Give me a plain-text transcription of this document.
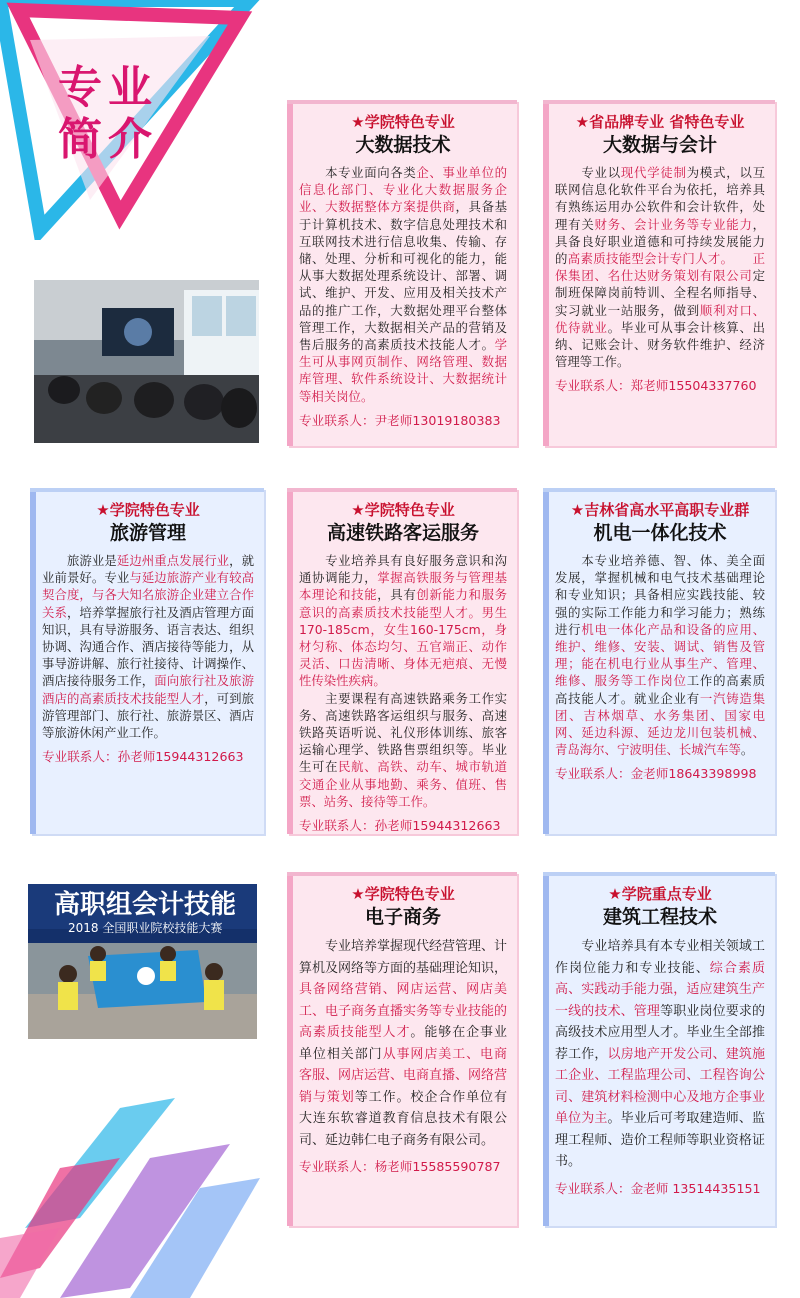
专业简介
高职组会计技能
2018 全国职业院校技能大赛
★学院特色专业
大数据技术
　　本专业面向各类企、事业单位的信息化部门、专业化大数据服务企业、大数据整体方案提供商，具备基于计算机技术、数字信息处理技术和互联网技术进行信息收集、传输、存储、处理、分析和可视化的能力，能从事大数据处理系统设计、部署、调试、维护、开发、应用及相关技术产品的推广工作，大数据处理平台整体管理工作，大数据相关产品的营销及售后服务的高素质技术技能人才。学生可从事网页制作、网络管理、数据库管理、软件系统设计、大数据统计等相关岗位。
专业联系人：尹老师13019180383
★省品牌专业 省特色专业
大数据与会计
　　专业以现代学徒制为模式，以互联网信息化软件平台为依托，培养具有熟练运用办公软件和会计软件，处理有关财务、会计业务等专业能力，具备良好职业道德和可持续发展能力的高素质技能型会计专门人才。　　 正保集团、名仕达财务策划有限公司定制班保障岗前特训、全程名师指导、实习就业一站服务，做到顺利对口、优待就业。毕业可从事会计核算、出纳、记账会计、财务软件维护、经济管理等工作。
专业联系人：郑老师15504337760
★学院特色专业
旅游管理
　　旅游业是延边州重点发展行业，就业前景好。专业与延边旅游产业有较高契合度，与各大知名旅游企业建立合作关系，培养掌握旅行社及酒店管理方面知识，具有导游服务、语言表达、组织协调、沟通合作、酒店接待等能力，从事导游讲解、旅行社接待、计调操作、酒店接待服务工作，面向旅行社及旅游酒店的高素质技术技能型人才，可到旅游管理部门、旅行社、旅游景区、酒店等旅游休闲产业工作。
专业联系人：孙老师15944312663
★学院特色专业
高速铁路客运服务
　　专业培养具有良好服务意识和沟通协调能力，掌握高铁服务与管理基本理论和技能，具有创新能力和服务意识的高素质技术技能型人才。男生170-185cm，女生160-175cm，身材匀称、体态均匀、五官端正、动作灵活、口齿清晰、身体无疤痕、无慢性传染性疾病。
　　主要课程有高速铁路乘务工作实务、高速铁路客运组织与服务、高速铁路英语听说、礼仪形体训练、旅客运输心理学、铁路售票组织等。毕业生可在民航、高铁、动车、城市轨道交通企业从事地勤、乘务、值班、售票、站务、接待等工作。
专业联系人：孙老师15944312663
★吉林省高水平高职专业群
机电一体化技术
　　本专业培养德、智、体、美全面发展，掌握机械和电气技术基础理论和专业知识；具备相应实践技能、较强的实际工作能力和学习能力；熟练进行机电一体化产品和设备的应用、维护、维修、安装、调试、销售及管理；能在机电行业从事生产、管理、维修、服务等工作岗位工作的高素质高技能人才。就业企业有一汽铸造集团、吉林烟草、水务集团、国家电网、延边科源、延边龙川包装机械、青岛海尔、宁波明佳、长城汽车等。
专业联系人：金老师18643398998
★学院特色专业
电子商务
　　专业培养掌握现代经营管理、计算机及网络等方面的基础理论知识，具备网络营销、网店运营、网店美工、电子商务直播实务等专业技能的高素质技能型人才。能够在企事业单位相关部门从事网店美工、电商客服、网店运营、电商直播、网络营销与策划等工作。校企合作单位有大连东软睿道教育信息技术有限公司、延边韩仁电子商务有限公司。
专业联系人：杨老师15585590787
★学院重点专业
建筑工程技术
　　专业培养具有本专业相关领域工作岗位能力和专业技能、综合素质高、实践动手能力强，适应建筑生产一线的技术、管理等职业岗位要求的高级技术应用型人才。毕业生全部推荐工作，以房地产开发公司、建筑施工企业、工程监理公司、工程咨询公司、建筑材料检测中心及地方企事业单位为主。毕业后可考取建造师、监理工程师、造价工程师等职业资格证书。
专业联系人：金老师 13514435151
